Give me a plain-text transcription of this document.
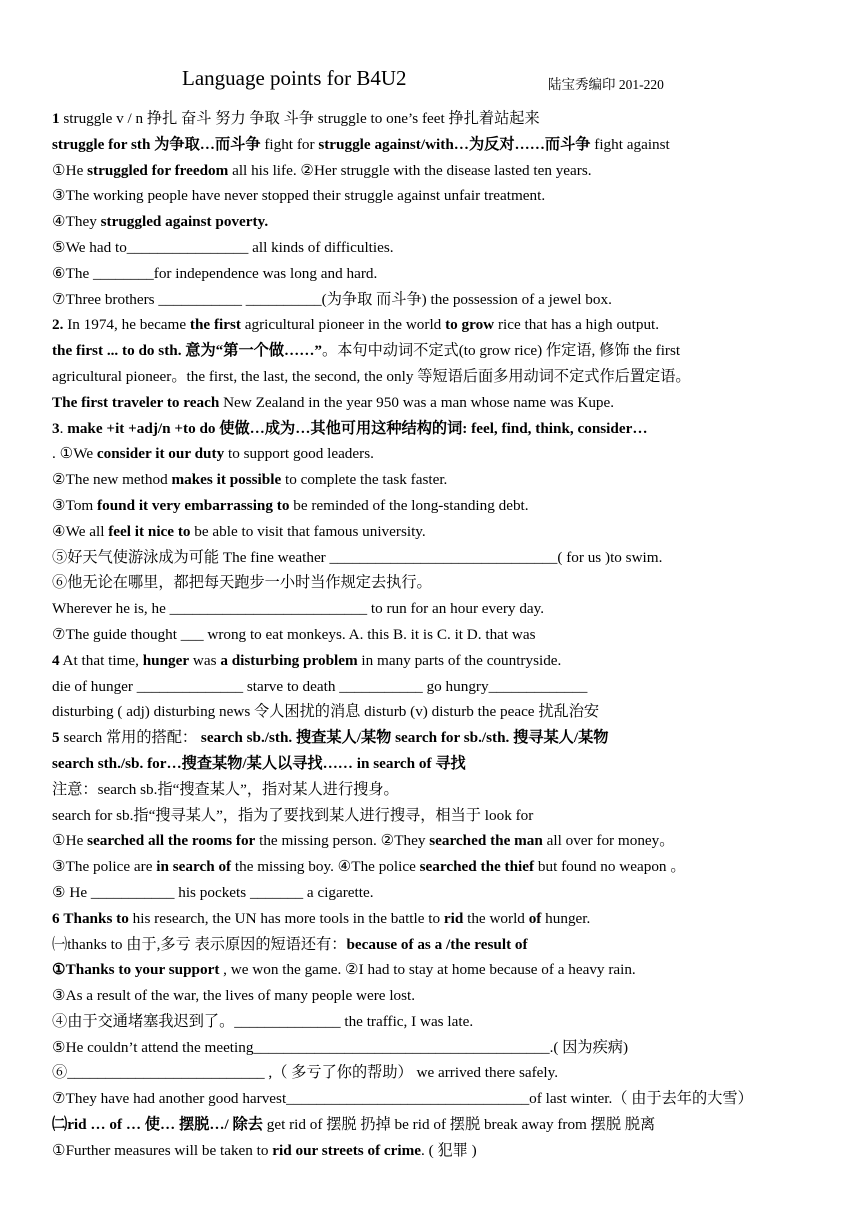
Language points for B4U2	陆宝秀编印 201-220
1 struggle v / n 挣扎 奋斗 努力 争取 斗争 struggle to one’s feet 挣扎着站起来
struggle for sth 为争取…而斗争 fight for struggle against/with…为反对……而斗争 fight against
①He struggled for freedom all his life. ②Her struggle with the disease lasted ten years.
③The working people have never stopped their struggle against unfair treatment.
④They struggled against poverty.
⑤We had to________________ all kinds of difficulties.
⑥The ________for independence was long and hard.
⑦Three brothers ___________ __________(为争取 而斗争) the possession of a jewel box.
2. In 1974, he became the first agricultural pioneer in the world to grow rice that has a high output.
the first ... to do sth. 意为“第一个做……”。本句中动词不定式(to grow rice) 作定语, 修饰 the first
agricultural pioneer。the first, the last, the second, the only 等短语后面多用动词不定式作后置定语。
The first traveler to reach New Zealand in the year 950 was a man whose name was Kupe.
3. make +it +adj/n +to do 使做…成为…其他可用这种结构的词: feel, find, think, consider…
. ①We consider it our duty to support good leaders.
②The new method makes it possible to complete the task faster.
③Tom found it very embarrassing to be reminded of the long-standing debt.
④We all feel it nice to be able to visit that famous university.
⑤好天气使游泳成为可能 The fine weather ______________________________( for us )to swim.
⑥他无论在哪里，都把每天跑步一小时当作规定去执行。
Wherever he is, he __________________________ to run for an hour every day.
⑦The guide thought ___ wrong to eat monkeys. A. this B. it is C. it D. that was
4 At that time, hunger was a disturbing problem in many parts of the countryside.
die of hunger ______________ starve to death ___________ go hungry_____________
disturbing ( adj) disturbing news 令人困扰的消息 disturb (v) disturb the peace 扰乱治安
5 search 常用的搭配： search sb./sth. 搜查某人/某物 search for sb./sth. 搜寻某人/某物
search sth./sb. for…搜查某物/某人以寻找…… in search of 寻找
注意：search sb.指“搜查某人”，指对某人进行搜身。
search for sb.指“搜寻某人”，指为了要找到某人进行搜寻，相当于 look for
①He searched all the rooms for the missing person. ②They searched the man all over for money。
③The police are in search of the missing boy. ④The police searched the thief but found no weapon 。
⑤ He ___________ his pockets _______ a cigarette.
6 Thanks to his research, the UN has more tools in the battle to rid the world of hunger.
㈠thanks to 由于,多亏 表示原因的短语还有：because of as a /the result of
①Thanks to your support , we won the game. ②I had to stay at home because of a heavy rain.
③As a result of the war, the lives of many people were lost.
④由于交通堵塞我迟到了。______________ the traffic, I was late.
⑤He couldn’t attend the meeting_______________________________________.( 因为疾病)
⑥__________________________ ,（ 多亏了你的帮助） we arrived there safely.
⑦They have had another good harvest________________________________of last winter.（ 由于去年的大雪）
㈡rid … of … 使… 摆脱…/ 除去 get rid of 摆脱 扔掉 be rid of 摆脱 break away from 摆脱 脱离
①Further measures will be taken to rid our streets of crime. ( 犯罪 )
